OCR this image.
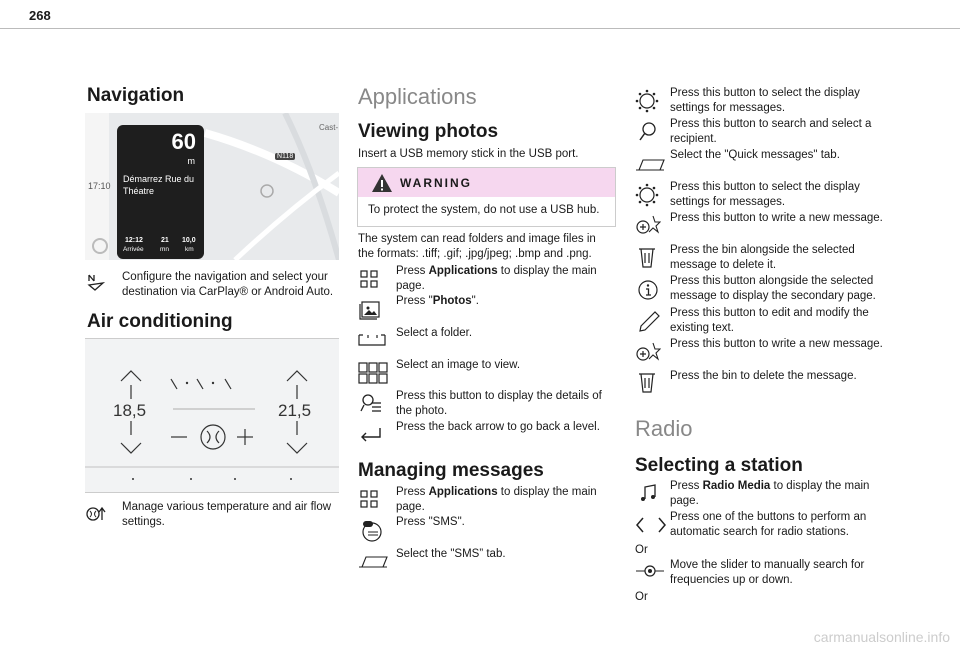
268
Navigation
N118
Cast-
17:10
60
m
Démarrez Rue du Théatre
12:12
Arrivée
21
mn
10,0
km
Configure the navigation and select your destination via CarPlay® or Android Auto.
Air conditioning
18,5	21,5
Manage various temperature and air flow settings.
Applications
Viewing photos
Insert a USB memory stick in the USB port.
WARNING
To protect the system, do not use a USB hub.
The system can read folders and image files in the formats: .tiff; .gif; .jpg/jpeg; .bmp and .png.
Press Applications to display the main page.
Press "Photos".
Select a folder.
Select an image to view.
Press this button to display the details of the photo.
Press the back arrow to go back a level.
Managing messages
Press Applications to display the main page.
Press "SMS".
Select the "SMS” tab.
Press this button to select the display settings for messages.
Press this button to search and select a recipient.
Select the "Quick messages" tab.
Press this button to select the display settings for messages.
Press this button to write a new message.
Press the bin alongside the selected message to delete it.
Press this button alongside the selected message to display the secondary page.
Press this button to edit and modify the existing text.
Press this button to write a new message.
Press the bin to delete the message.
Radio
Selecting a station
Press Radio Media to display the main page.
Press one of the buttons to perform an automatic search for radio stations.
Or
Move the slider to manually search for frequencies up or down.
Or
carmanualsonline.info
